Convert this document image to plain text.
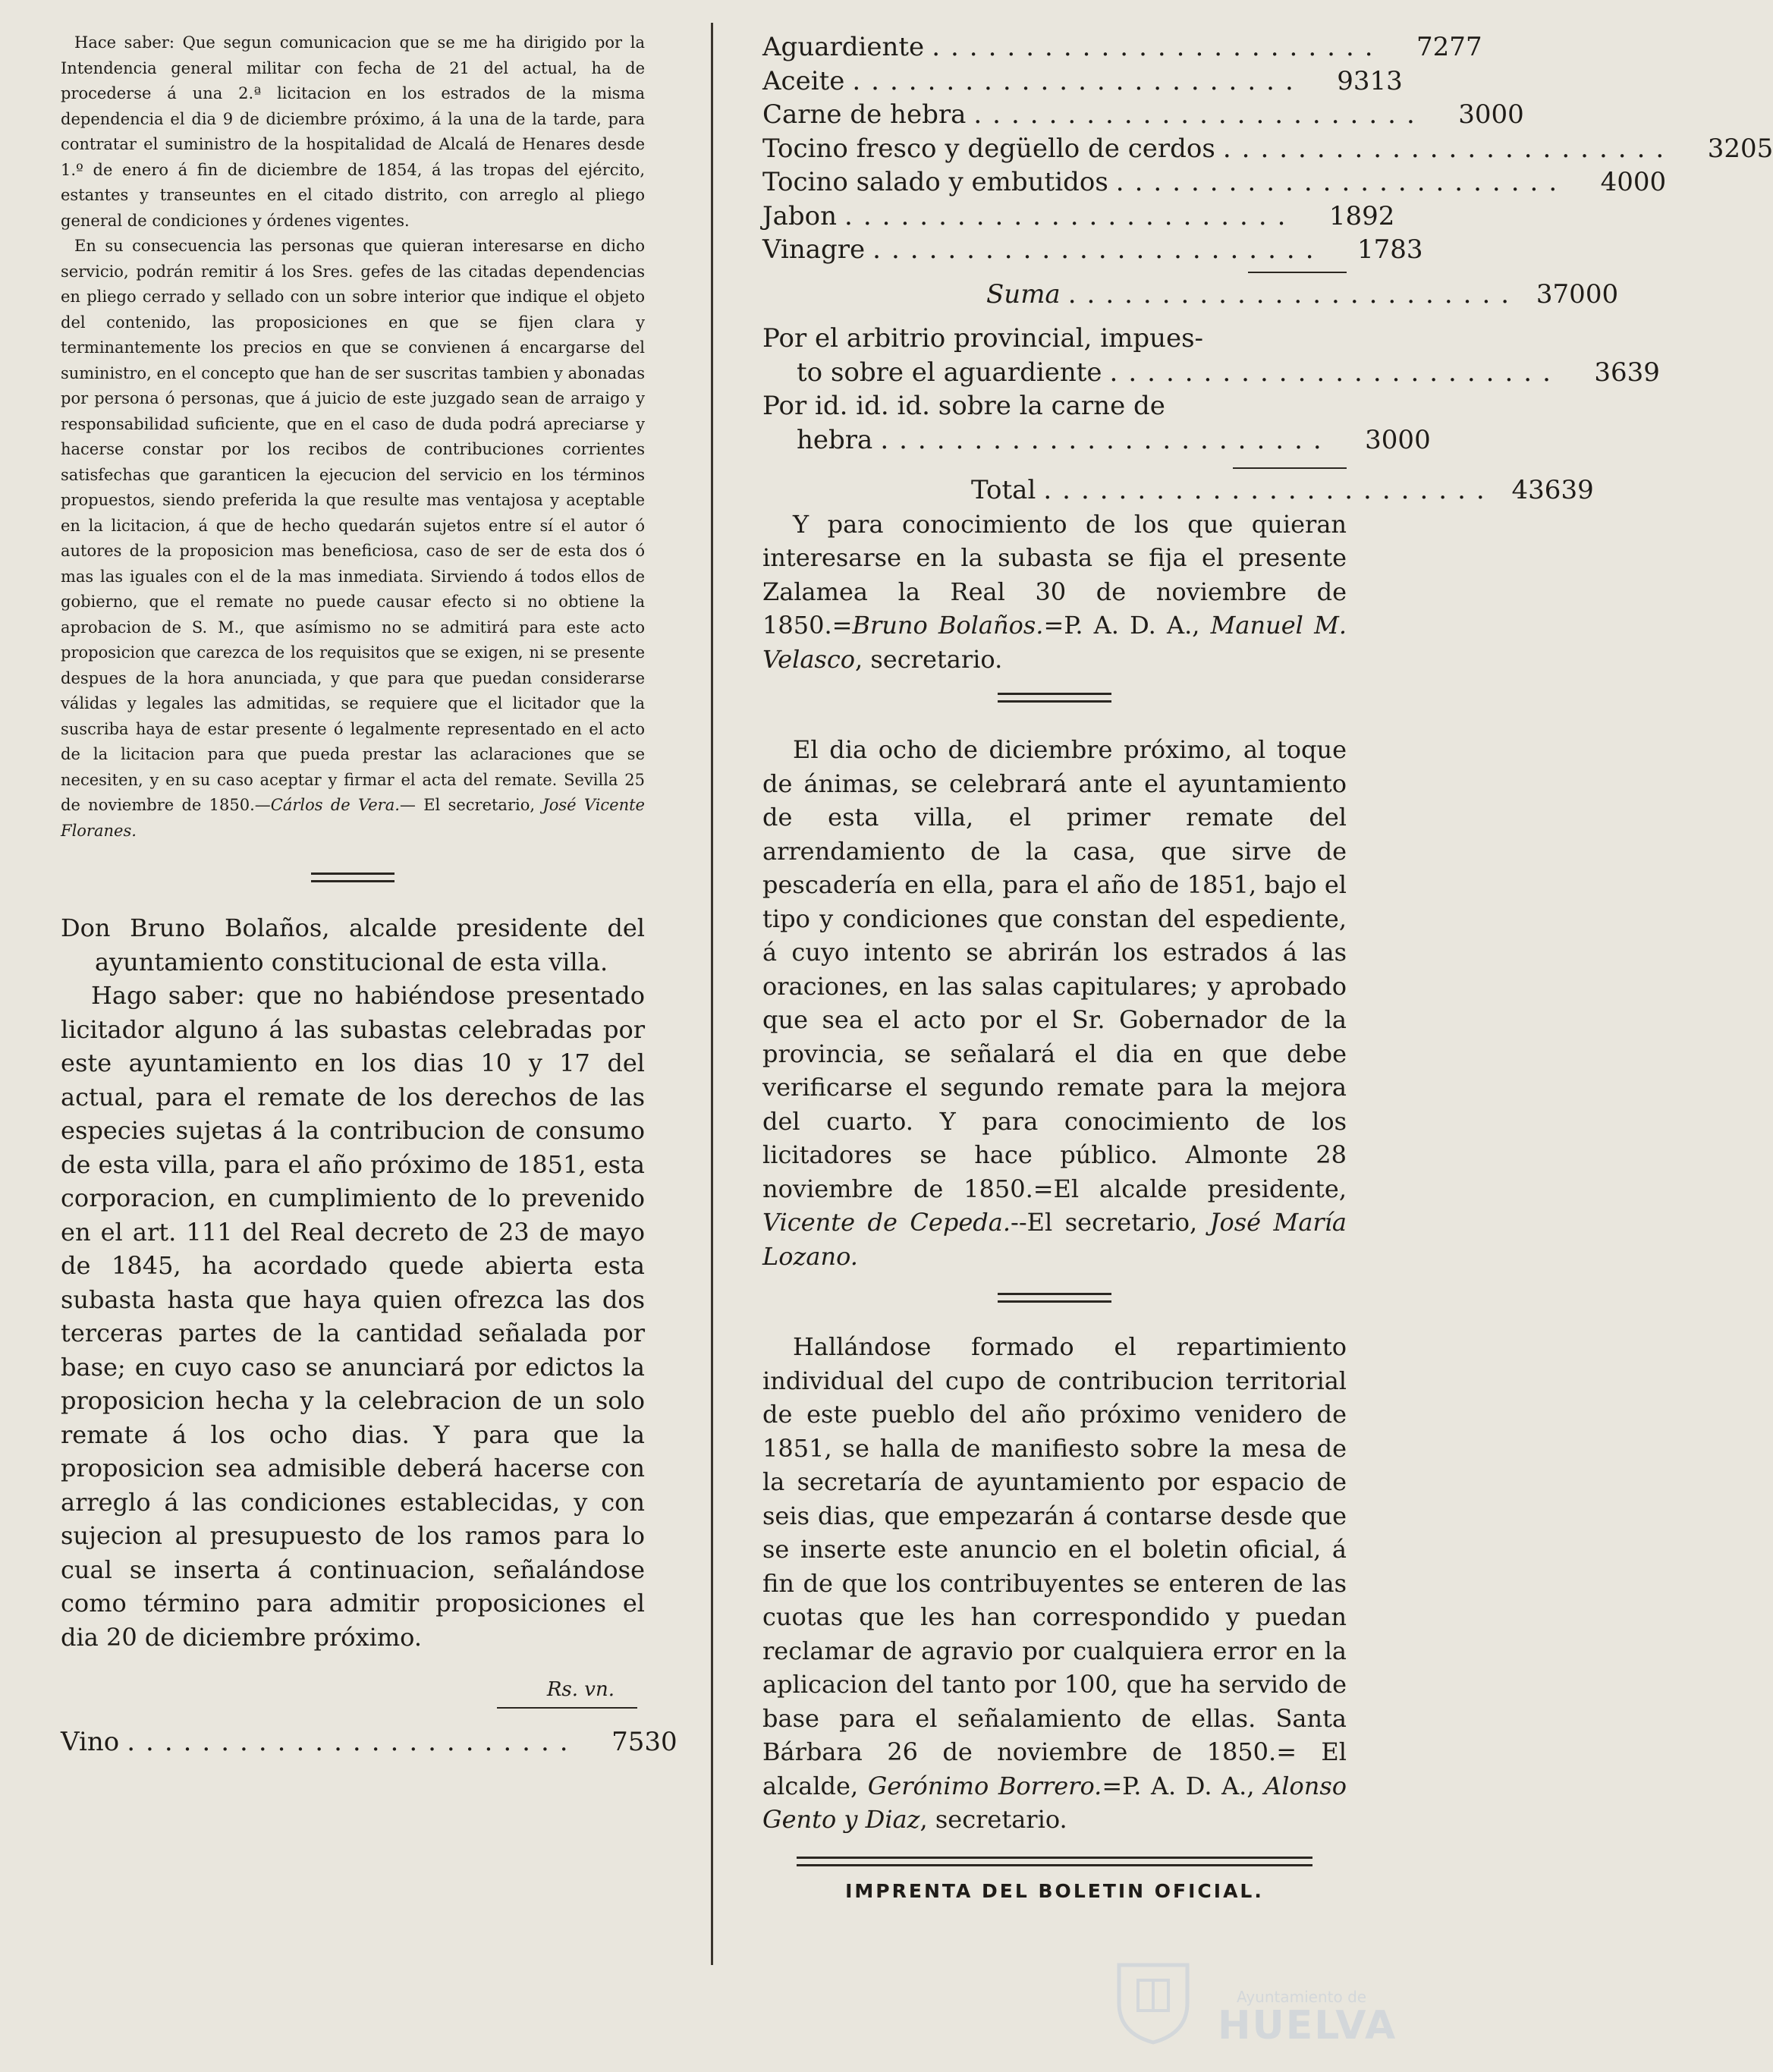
Hace saber: Que segun comunicacion que se me ha dirigido por la Intendencia general militar con fecha de 21 del actual, ha de procederse á una 2.ª licitacion en los estrados de la misma dependencia el dia 9 de diciembre próximo, á la una de la tarde, para contratar el suministro de la hospitalidad de Alcalá de Henares desde 1.º de enero á fin de diciembre de 1854, á las tropas del ejército, estantes y transeuntes en el citado distrito, con arreglo al pliego general de condiciones y órdenes vigentes.

En su consecuencia las personas que quieran interesarse en dicho servicio, podrán remitir á los Sres. gefes de las citadas dependencias en pliego cerrado y sellado con un sobre interior que indique el objeto del contenido, las proposiciones en que se fijen clara y terminantemente los precios en que se convienen á encargarse del suministro, en el concepto que han de ser suscritas tambien y abonadas por persona ó personas, que á juicio de este juzgado sean de arraigo y responsabilidad suficiente, que en el caso de duda podrá apreciarse y hacerse constar por los recibos de contribuciones corrientes satisfechas que garanticen la ejecucion del servicio en los términos propuestos, siendo preferida la que resulte mas ventajosa y aceptable en la licitacion, á que de hecho quedarán sujetos entre sí el autor ó autores de la proposicion mas beneficiosa, caso de ser de esta dos ó mas las iguales con el de la mas inmediata. Sirviendo á todos ellos de gobierno, que el remate no puede causar efecto si no obtiene la aprobacion de S. M., que asímismo no se admitirá para este acto proposicion que carezca de los requisitos que se exigen, ni se presente despues de la hora anunciada, y que para que puedan considerarse válidas y legales las admitidas, se requiere que el licitador que la suscriba haya de estar presente ó legalmente representado en el acto de la licitacion para que pueda prestar las aclaraciones que se necesiten, y en su caso aceptar y firmar el acta del remate. Sevilla 25 de noviembre de 1850.—Cárlos de Vera.— El secretario, José Vicente Floranes.

Don Bruno Bolaños, alcalde presidente del ayuntamiento constitucional de esta villa.

Hago saber: que no habiéndose presentado licitador alguno á las subastas celebradas por este ayuntamiento en los dias 10 y 17 del actual, para el remate de los derechos de las especies sujetas á la contribucion de consumo de esta villa, para el año próximo de 1851, esta corporacion, en cumplimiento de lo prevenido en el art. 111 del Real decreto de 23 de mayo de 1845, ha acordado quede abierta esta subasta hasta que haya quien ofrezca las dos terceras partes de la cantidad señalada por base; en cuyo caso se anunciará por edictos la proposicion hecha y la celebracion de un solo remate á los ocho dias. Y para que la proposicion sea admisible deberá hacerse con arreglo á las condiciones establecidas, y con sujecion al presupuesto de los ramos para lo cual se inserta á continuacion, señalándose como término para admitir proposiciones el dia 20 de diciembre próximo.

Rs. vn.
Vino ........................	7530
Aguardiente ........................	7277
Aceite ........................	9313
Carne de hebra ........................	3000
Tocino fresco y degüello de cerdos ........................	3205
Tocino salado y embutidos ........................	4000
Jabon ........................	1892
Vinagre ........................	1783
Suma ........................ 37000
Por el arbitrio provincial, impues-
to sobre el aguardiente ........................	3639
Por id. id. id. sobre la carne de
hebra ........................	3000
Total ........................ 43639

Y para conocimiento de los que quieran interesarse en la subasta se fija el presente Zalamea la Real 30 de noviembre de 1850.=Bruno Bolaños.=P. A. D. A., Manuel M. Velasco, secretario.

El dia ocho de diciembre próximo, al toque de ánimas, se celebrará ante el ayuntamiento de esta villa, el primer remate del arrendamiento de la casa, que sirve de pescadería en ella, para el año de 1851, bajo el tipo y condiciones que constan del espediente, á cuyo intento se abrirán los estrados á las oraciones, en las salas capitulares; y aprobado que sea el acto por el Sr. Gobernador de la provincia, se señalará el dia en que debe verificarse el segundo remate para la mejora del cuarto. Y para conocimiento de los licitadores se hace público. Almonte 28 noviembre de 1850.=El alcalde presidente, Vicente de Cepeda.--El secretario, José María Lozano.

Hallándose formado el repartimiento individual del cupo de contribucion territorial de este pueblo del año próximo venidero de 1851, se halla de manifiesto sobre la mesa de la secretaría de ayuntamiento por espacio de seis dias, que empezarán á contarse desde que se inserte este anuncio en el boletin oficial, á fin de que los contribuyentes se enteren de las cuotas que les han correspondido y puedan reclamar de agravio por cualquiera error en la aplicacion del tanto por 100, que ha servido de base para el señalamiento de ellas. Santa Bárbara 26 de noviembre de 1850.= El alcalde, Gerónimo Borrero.=P. A. D. A., Alonso Gento y Diaz, secretario.

IMPRENTA DEL BOLETIN OFICIAL.
Ayuntamiento de
HUELVA
